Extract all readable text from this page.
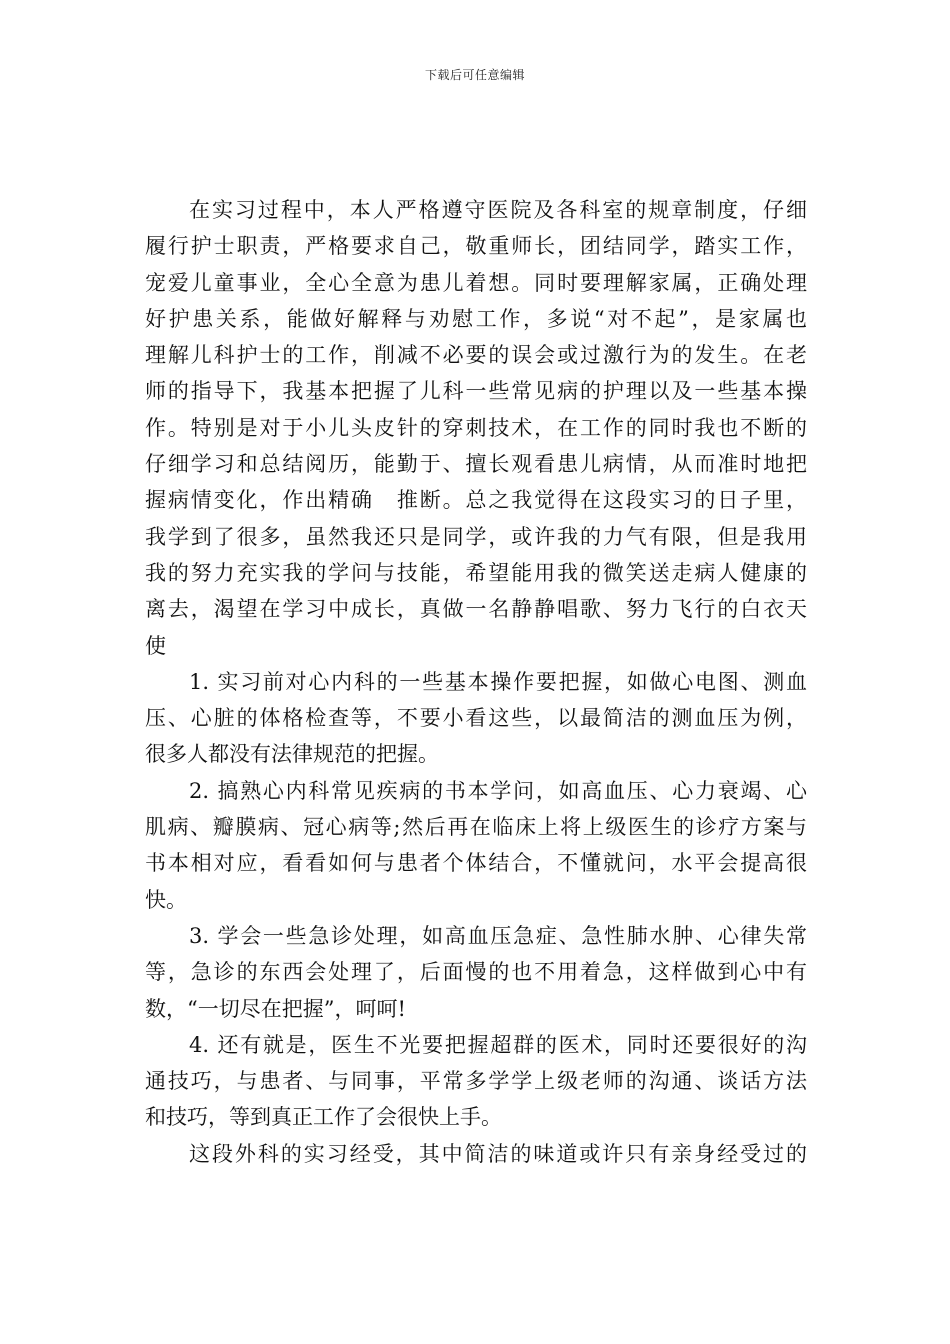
下载后可任意编辑
在实习过程中，本人严格遵守医院及各科室的规章制度，仔细
履行护士职责，严格要求自己，敬重师长，团结同学，踏实工作，
宠爱儿童事业，全心全意为患儿着想。同时要理解家属，正确处理
好护患关系，能做好解释与劝慰工作，多说“对不起”，是家属也
理解儿科护士的工作，削减不必要的误会或过激行为的发生。在老
师的指导下，我基本把握了儿科一些常见病的护理以及一些基本操
作。特别是对于小儿头皮针的穿刺技术，在工作的同时我也不断的
仔细学习和总结阅历，能勤于、擅长观看患儿病情，从而准时地把
握病情变化，作出精确　推断。总之我觉得在这段实习的日子里，
我学到了很多，虽然我还只是同学，或许我的力气有限，但是我用
我的努力充实我的学问与技能，希望能用我的微笑送走病人健康的
离去，渴望在学习中成长，真做一名静静唱歌、努力飞行的白衣天
使
1. 实习前对心内科的一些基本操作要把握，如做心电图、测血
压、心脏的体格检查等，不要小看这些，以最简洁的测血压为例，
很多人都没有法律规范的把握。
2. 搞熟心内科常见疾病的书本学问，如高血压、心力衰竭、心
肌病、瓣膜病、冠心病等;然后再在临床上将上级医生的诊疗方案与
书本相对应，看看如何与患者个体结合，不懂就问，水平会提高很
快。
3. 学会一些急诊处理，如高血压急症、急性肺水肿、心律失常
等，急诊的东西会处理了，后面慢的也不用着急，这样做到心中有
数，“一切尽在把握”，呵呵!
4. 还有就是，医生不光要把握超群的医术，同时还要很好的沟
通技巧，与患者、与同事，平常多学学上级老师的沟通、谈话方法
和技巧，等到真正工作了会很快上手。
这段外科的实习经受，其中简洁的味道或许只有亲身经受过的
